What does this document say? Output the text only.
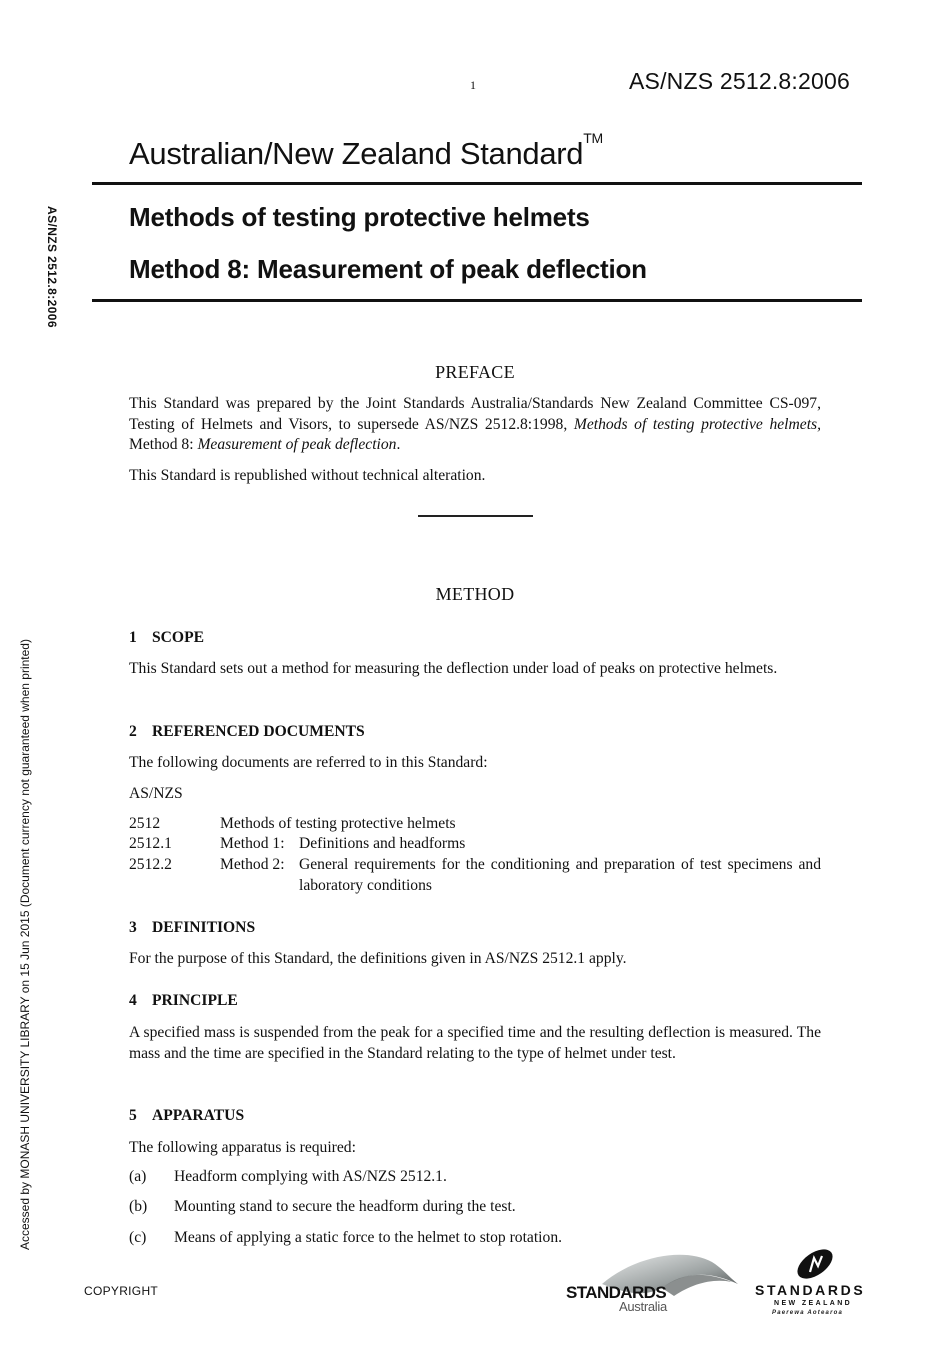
1	AS/NZS 2512.8:2006
Australian/New Zealand Standard™
Methods of testing protective helmets
Method 8: Measurement of peak deflection
AS/NZS 2512.8:2006
Accessed by MONASH UNIVERSITY LIBRARY on 15 Jun 2015 (Document currency not guaranteed when printed)
PREFACE
This Standard was prepared by the Joint Standards Australia/Standards New Zealand Committee CS-097, Testing of Helmets and Visors, to supersede AS/NZS 2512.8:1998, Methods of testing protective helmets, Method 8: Measurement of peak deflection.
This Standard is republished without technical alteration.
METHOD
1 SCOPE
This Standard sets out a method for measuring the deflection under load of peaks on protective helmets.
2 REFERENCED DOCUMENTS
The following documents are referred to in this Standard:
AS/NZS
2512	Methods of testing protective helmets
2512.1	Method 1: Definitions and headforms
2512.2	Method 2: General requirements for the conditioning and preparation of test specimens and laboratory conditions
3 DEFINITIONS
For the purpose of this Standard, the definitions given in AS/NZS 2512.1 apply.
4 PRINCIPLE
A specified mass is suspended from the peak for a specified time and the resulting deflection is measured. The mass and the time are specified in the Standard relating to the type of helmet under test.
5 APPARATUS
The following apparatus is required:
(a)	Headform complying with AS/NZS 2512.1.
(b)	Mounting stand to secure the headform during the test.
(c)	Means of applying a static force to the helmet to stop rotation.
COPYRIGHT	STANDARDS
Australia
STANDARDS
NEW ZEALAND
Paerewa Aotearoa
